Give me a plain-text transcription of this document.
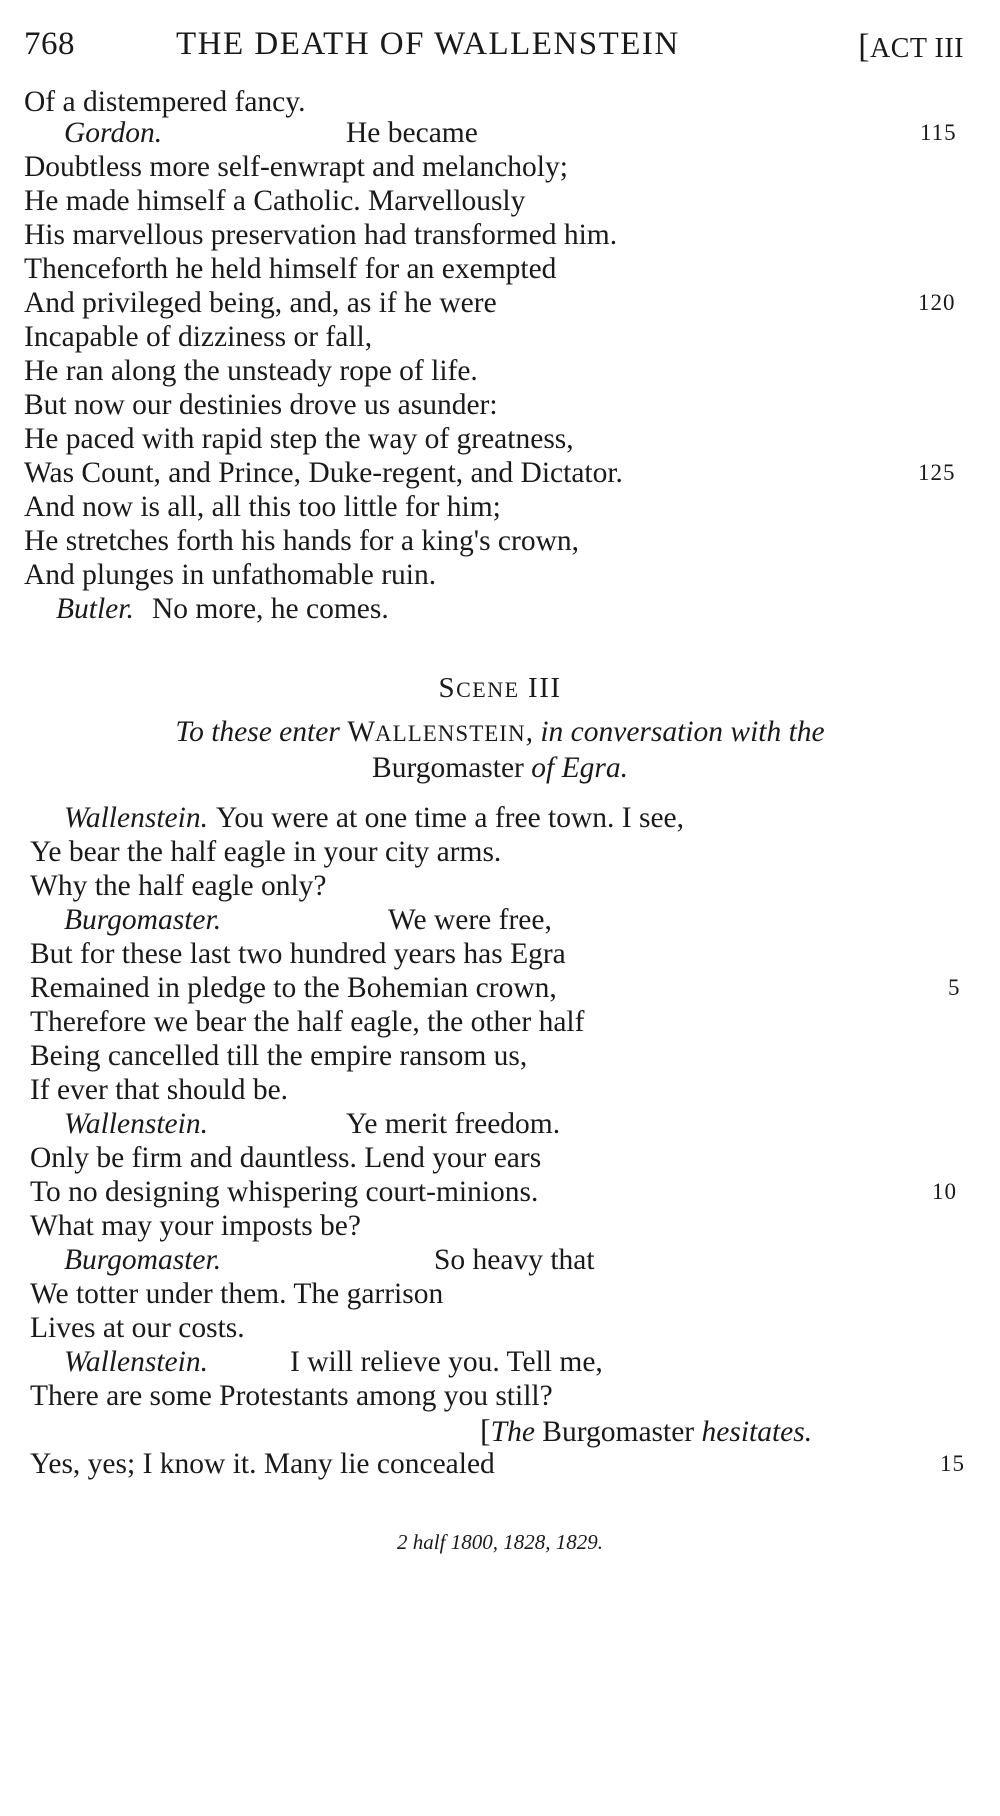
768	THE DEATH OF WALLENSTEIN	[ACT III
Of a distempered fancy.
Gordon.	He became	115
Doubtless more self-enwrapt and melancholy;
He made himself a Catholic. Marvellously
His marvellous preservation had transformed him.
Thenceforth he held himself for an exempted
And privileged being, and, as if he were	120
Incapable of dizziness or fall,
He ran along the unsteady rope of life.
But now our destinies drove us asunder:
He paced with rapid step the way of greatness,
Was Count, and Prince, Duke-regent, and Dictator.	125
And now is all, all this too little for him;
He stretches forth his hands for a king's crown,
And plunges in unfathomable ruin.
Butler. No more, he comes.
SCENE III
To these enter WALLENSTEIN, in conversation with the
Burgomaster of Egra.
Wallenstein. You were at one time a free town. I see,
Ye bear the half eagle in your city arms.
Why the half eagle only?
Burgomaster.	We were free,
But for these last two hundred years has Egra
Remained in pledge to the Bohemian crown,	5
Therefore we bear the half eagle, the other half
Being cancelled till the empire ransom us,
If ever that should be.
Wallenstein.	Ye merit freedom.
Only be firm and dauntless. Lend your ears
To no designing whispering court-minions.	10
What may your imposts be?
Burgomaster.	So heavy that
We totter under them. The garrison
Lives at our costs.
Wallenstein.	I will relieve you. Tell me,
There are some Protestants among you still?
[The Burgomaster hesitates.
Yes, yes; I know it. Many lie concealed	15
2 half 1800, 1828, 1829.
